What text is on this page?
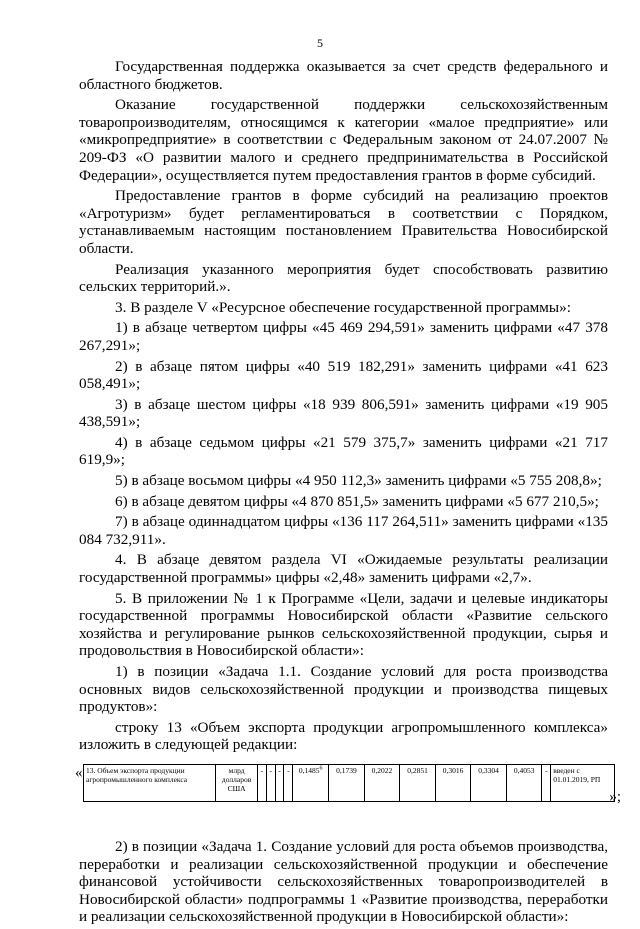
5

Государственная поддержка оказывается за счет средств федерального и областного бюджетов.

Оказание государственной поддержки сельскохозяйственным товаропроизводителям, относящимся к категории «малое предприятие» или «микропредприятие» в соответствии с Федеральным законом от 24.07.2007 № 209-ФЗ «О развитии малого и среднего предпринимательства в Российской Федерации», осуществляется путем предоставления грантов в форме субсидий.

Предоставление грантов в форме субсидий на реализацию проектов «Агротуризм» будет регламентироваться в соответствии с Порядком, устанавливаемым настоящим постановлением Правительства Новосибирской области.

Реализация указанного мероприятия будет способствовать развитию сельских территорий.».

3. В разделе V «Ресурсное обеспечение государственной программы»:

1) в абзаце четвертом цифры «45 469 294,591» заменить цифрами «47 378 267,291»;

2) в абзаце пятом цифры «40 519 182,291» заменить цифрами «41 623 058,491»;

3) в абзаце шестом цифры «18 939 806,591» заменить цифрами «19 905 438,591»;

4) в абзаце седьмом цифры «21 579 375,7» заменить цифрами «21 717 619,9»;

5) в абзаце восьмом цифры «4 950 112,3» заменить цифрами «5 755 208,8»;

6) в абзаце девятом цифры «4 870 851,5» заменить цифрами «5 677 210,5»;

7) в абзаце одиннадцатом цифры «136 117 264,511» заменить цифрами «135 084 732,911».

4. В абзаце девятом раздела VI «Ожидаемые результаты реализации государственной программы» цифры «2,48» заменить цифрами «2,7».

5. В приложении № 1 к Программе «Цели, задачи и целевые индикаторы государственной программы Новосибирской области «Развитие сельского хозяйства и регулирование рынков сельскохозяйственной продукции, сырья и продовольствия в Новосибирской области»:

1) в позиции «Задача 1.1. Создание условий для роста производства основных видов сельскохозяйственной продукции и производства пищевых продуктов»:

строку 13 «Объем экспорта продукции агропромышленного комплекса» изложить в следующей редакции:

« 13. Объем экспорта продукции агропромышленного комплекса	млрд долларов США	-	-	-	-	0,1485$^6$	0,1739	0,2022	0,2851	0,3016	0,3304	0,4053	-	введен с 01.01.2019, РП
»;

2) в позиции «Задача 1. Создание условий для роста объемов производства, переработки и реализации сельскохозяйственной продукции и обеспечение финансовой устойчивости сельскохозяйственных товаропроизводителей в Новосибирской области» подпрограммы 1 «Развитие производства, переработки и реализации сельскохозяйственной продукции в Новосибирской области»:
